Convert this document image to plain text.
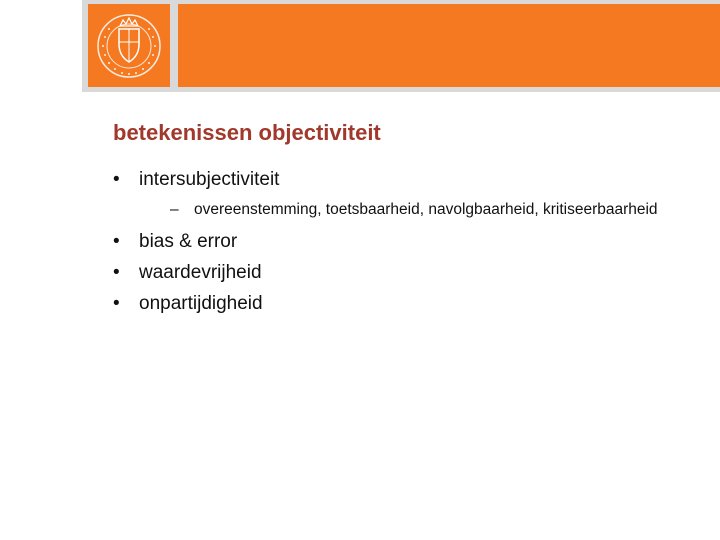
betekenissen objectiviteit
• intersubjectiviteit
– overeenstemming, toetsbaarheid, navolgbaarheid, kritiseerbaarheid
• bias & error
• waardevrijheid
• onpartijdigheid
